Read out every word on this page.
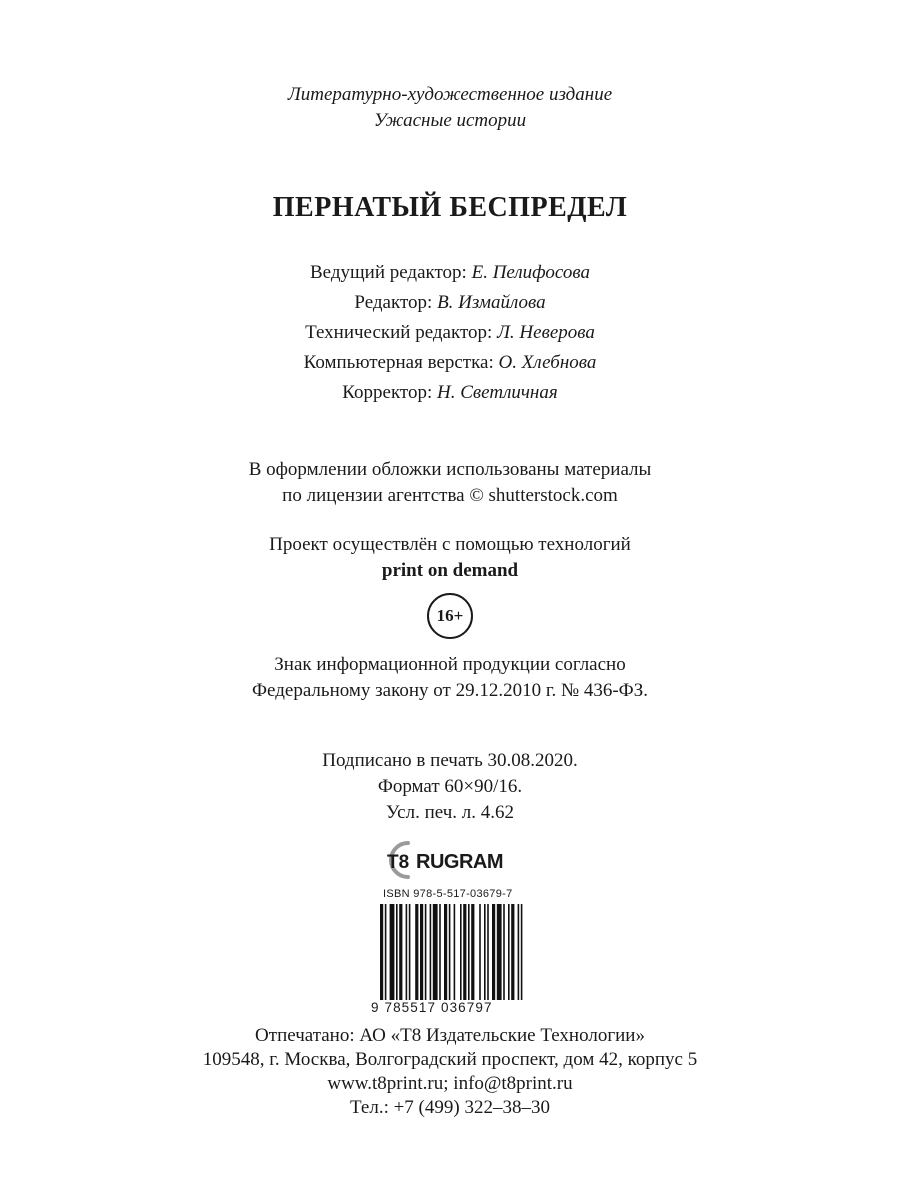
Литературно-художественное издание
Ужасные истории
ПЕРНАТЫЙ БЕСПРЕДЕЛ
Ведущий редактор: Е. Пелифосова
Редактор: В. Измайлова
Технический редактор: Л. Неверова
Компьютерная верстка: О. Хлебнова
Корректор: Н. Светличная
В оформлении обложки использованы материалы
по лицензии агентства © shutterstock.com
Проект осуществлён с помощью технологий
print on demand
16+
Знак информационной продукции согласно
Федеральному закону от 29.12.2010 г. № 436-ФЗ.
Подписано в печать 30.08.2020.
Формат 60×90/16.
Усл. печ. л. 4.62
T8 RUGRAM
ISBN 978-5-517-03679-7
9 785517 036797
Отпечатано: АО «Т8 Издательские Технологии»
109548, г. Москва, Волгоградский проспект, дом 42, корпус 5
www.t8print.ru; info@t8print.ru
Тел.: +7 (499) 322–38–30
